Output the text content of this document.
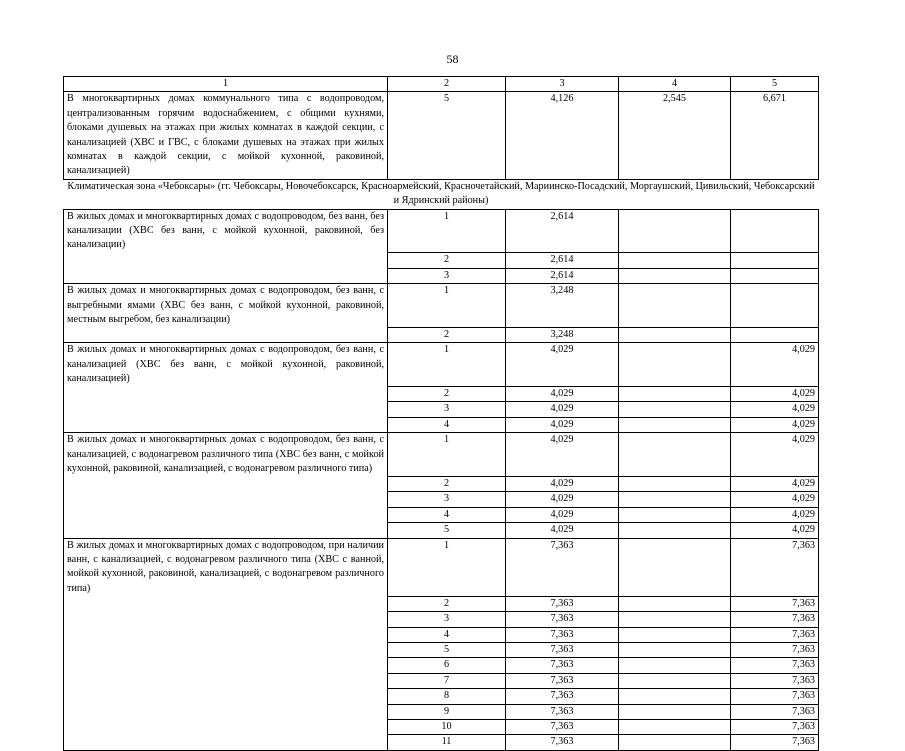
58
1	2	3	4	5
В многоквартирных домах коммунального типа с водопроводом, централизованным горячим водоснабжением, с общими кухнями, блоками душевых на этажах при жилых комнатах в каждой секции, с канализацией (ХВС и ГВС, с блоками душевых на этажах при жилых комнатах в каждой секции, с мойкой кухонной, раковиной, канализацией)	5	4,126	2,545	6,671
Климатическая зона «Чебоксары» (гг. Чебоксары, Новочебоксарск, Красноармейский, Красночетайский, Мариинско-Посадский, Моргаушский, Цивильский, Чебоксарский и Ядринский районы)				
В жилых домах и многоквартирных домах с водопроводом, без ванн, без канализации (ХВС без ванн, с мойкой кухонной, раковиной, без канализации)	1	2,614		
	2	2,614		
	3	2,614		
В жилых домах и многоквартирных домах с водопроводом, без ванн, с выгребными ямами (ХВС без ванн, с мойкой кухонной, раковиной, местным выгребом, без канализации)	1	3,248		
	2	3,248		
В жилых домах и многоквартирных домах с водопроводом, без ванн, с канализацией (ХВС без ванн, с мойкой кухонной, раковиной, канализацией)	1	4,029		4,029
	2	4,029		4,029
	3	4,029		4,029
	4	4,029		4,029
В жилых домах и многоквартирных домах с водопроводом, без ванн, с канализацией, с водонагревом различного типа (ХВС без ванн, с мойкой кухонной, раковиной, канализацией, с водонагревом различного типа)	1	4,029		4,029
	2	4,029		4,029
	3	4,029		4,029
	4	4,029		4,029
	5	4,029		4,029
В жилых домах и многоквартирных домах с водопроводом, при наличии ванн, с канализацией, с водонагревом различного типа (ХВС с ванной, мойкой кухонной, раковиной, канализацией, с водонагревом различного типа)	1	7,363		7,363
	2	7,363		7,363
	3	7,363		7,363
	4	7,363		7,363
	5	7,363		7,363
	6	7,363		7,363
	7	7,363		7,363
	8	7,363		7,363
	9	7,363		7,363
	10	7,363		7,363
	11	7,363		7,363
